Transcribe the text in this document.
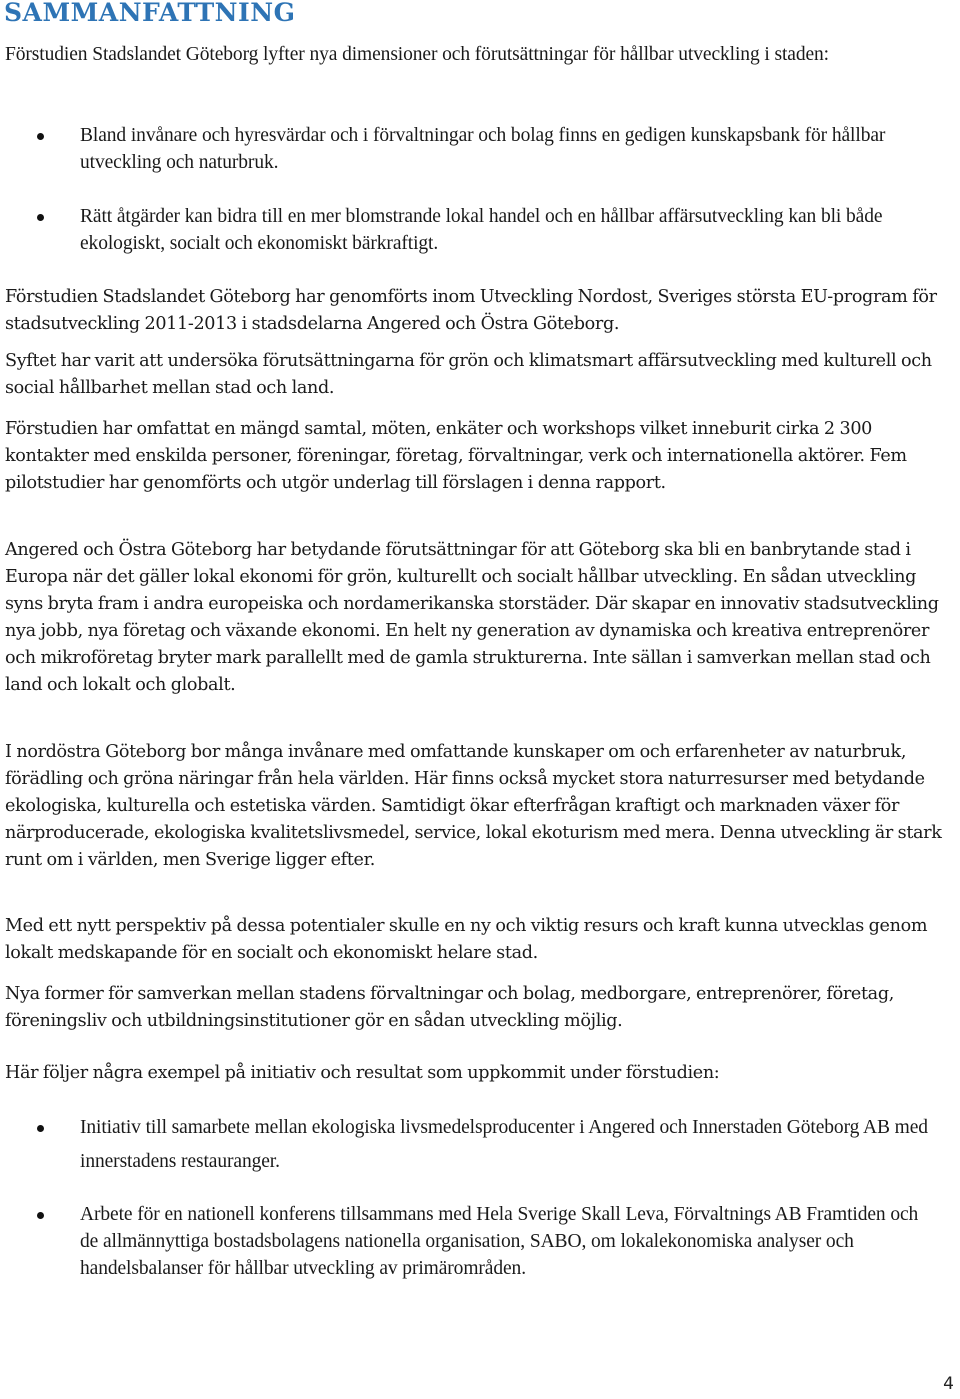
SAMMANFATTNING

Förstudien Stadslandet Göteborg lyfter nya dimensioner och förutsättningar för hållbar utveckling i staden:

Bland invånare och hyresvärdar och i förvaltningar och bolag finns en gedigen kunskapsbank för hållbar utveckling och naturbruk.
Rätt åtgärder kan bidra till en mer blomstrande lokal handel och en hållbar affärsutveckling kan bli både ekologiskt, socialt och ekonomiskt bärkraftigt.

Förstudien Stadslandet Göteborg har genomförts inom Utveckling Nordost, Sveriges största EU-program för stadsutveckling 2011-2013 i stadsdelarna Angered och Östra Göteborg.

Syftet har varit att undersöka förutsättningarna för grön och klimatsmart affärsutveckling med kulturell och social hållbarhet mellan stad och land.

Förstudien har omfattat en mängd samtal, möten, enkäter och workshops vilket inneburit cirka 2 300 kontakter med enskilda personer, föreningar, företag, förvaltningar, verk och internationella aktörer. Fem pilotstudier har genomförts och utgör underlag till förslagen i denna rapport.

Angered och Östra Göteborg har betydande förutsättningar för att Göteborg ska bli en banbrytande stad i Europa när det gäller lokal ekonomi för grön, kulturellt och socialt hållbar utveckling. En sådan utveckling syns bryta fram i andra europeiska och nordamerikanska storstäder. Där skapar en innovativ stadsutveckling nya jobb, nya företag och växande ekonomi. En helt ny generation av dynamiska och kreativa entreprenörer och mikroföretag bryter mark parallellt med de gamla strukturerna. Inte sällan i samverkan mellan stad och land och lokalt och globalt.

I nordöstra Göteborg bor många invånare med omfattande kunskaper om och erfarenheter av naturbruk, förädling och gröna näringar från hela världen. Här finns också mycket stora naturresurser med betydande ekologiska, kulturella och estetiska värden. Samtidigt ökar efterfrågan kraftigt och marknaden växer för närproducerade, ekologiska kvalitetslivsmedel, service, lokal ekoturism med mera. Denna utveckling är stark runt om i världen, men Sverige ligger efter.

Med ett nytt perspektiv på dessa potentialer skulle en ny och viktig resurs och kraft kunna utvecklas genom lokalt medskapande för en socialt och ekonomiskt helare stad.

Nya former för samverkan mellan stadens förvaltningar och bolag, medborgare, entreprenörer, företag, föreningsliv och utbildningsinstitutioner gör en sådan utveckling möjlig.

Här följer några exempel på initiativ och resultat som uppkommit under förstudien:

Initiativ till samarbete mellan ekologiska livsmedelsproducenter i Angered och Innerstaden Göteborg AB med innerstadens restauranger.
Arbete för en nationell konferens tillsammans med Hela Sverige Skall Leva, Förvaltnings AB Framtiden och de allmännyttiga bostadsbolagens nationella organisation, SABO, om lokalekonomiska analyser och handelsbalanser för hållbar utveckling av primärområden.
4
